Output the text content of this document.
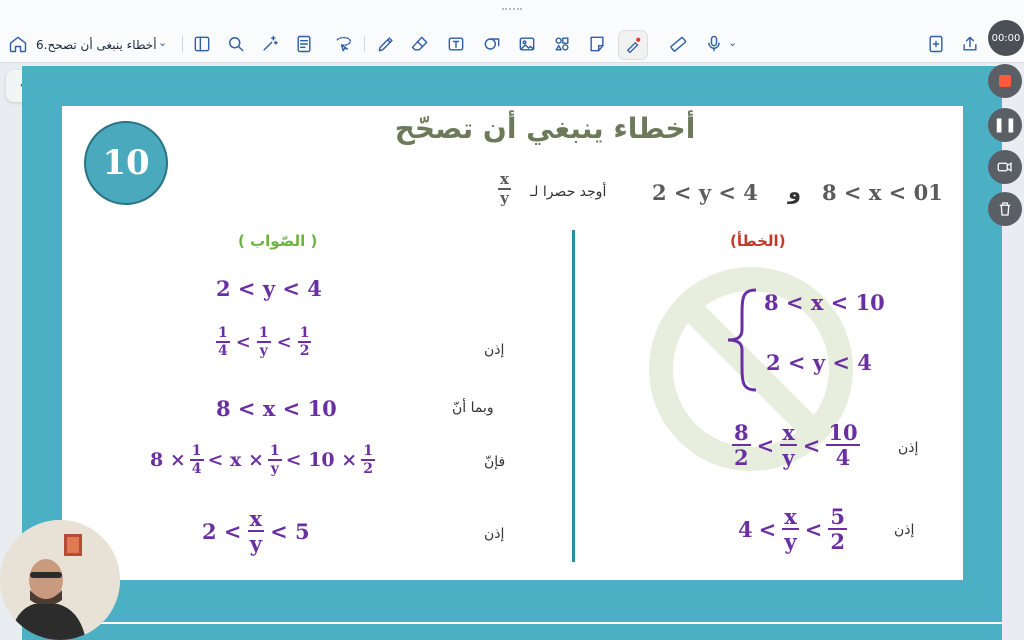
أخطاء ينبغى أن تصحح.6 ⌄	⌄	00:00
أخطاء ينبغي أن تصحّح
10
10 > x > 8
و
4 > y > 2
أوجد حصرا لـ
$\frac{x}{y}$
(الخطأ)
8 < x < 10
2 < y < 4
إذن
$\frac{8}{2} < \frac{x}{y} < \frac{10}{4}$
إذن
$4 < \frac{x}{y} < \frac{5}{2}$
( الصّواب )
2 < y < 4
إذن
$\frac{1}{4} < \frac{1}{y} < \frac{1}{2}$
وبما أنّ
8 < x < 10
فإنّ
$8 \times \frac{1}{4} < x \times \frac{1}{y} < 10 \times \frac{1}{2}$
إذن
$2 < \frac{x}{y} < 5$
❚❚
